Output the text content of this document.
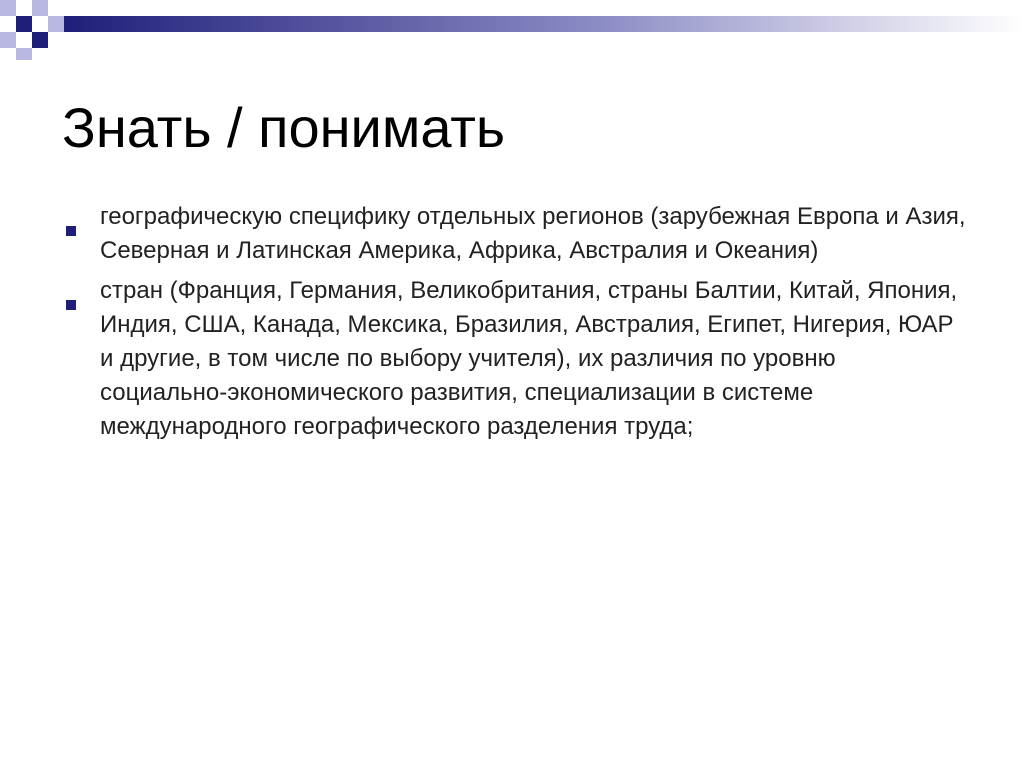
Знать / понимать
географическую специфику отдельных регионов (зарубежная Европа и Азия, Северная и Латинская Америка, Африка, Австралия и Океания)
стран (Франция, Германия, Великобритания, страны Балтии, Китай, Япония, Индия, США, Канада, Мексика, Бразилия, Австралия, Египет, Нигерия, ЮАР и другие, в том числе по выбору учителя), их различия по уровню социально-экономического развития, специализации в системе международного географического разделения труда;
